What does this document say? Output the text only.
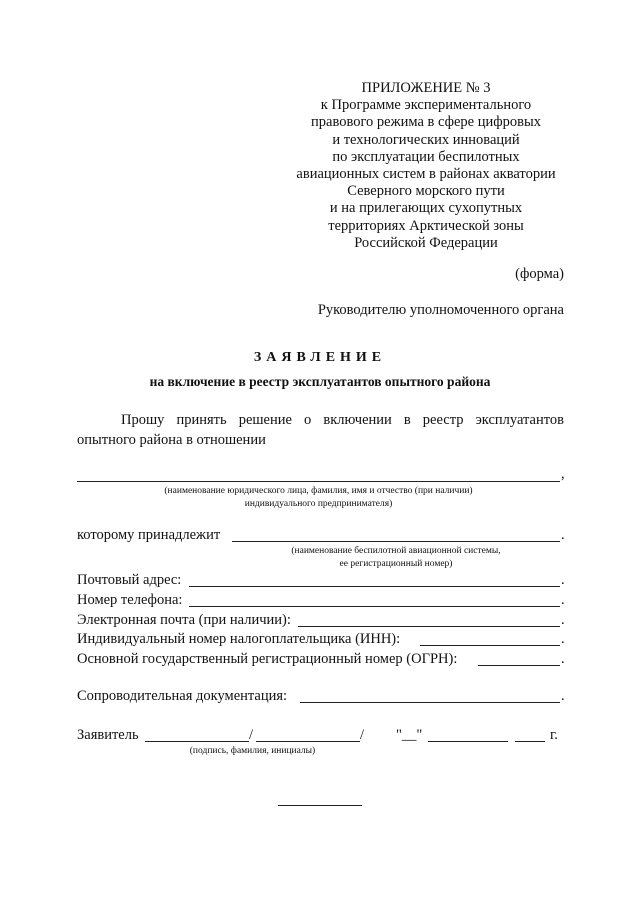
ПРИЛОЖЕНИЕ № 3
к Программе экспериментального
правового режима в сфере цифровых
и технологических инноваций
по эксплуатации беспилотных
авиационных систем в районах акватории
Северного морского пути
и на прилегающих сухопутных
территориях Арктической зоны
Российской Федерации
(форма)
Руководителю уполномоченного органа
ЗАЯВЛЕНИЕ
на включение в реестр эксплуатантов опытного района
Прошу принять решение о включении в реестр эксплуатантов опытного района в отношении
,
(наименование юридического лица, фамилия, имя и отчество (при наличии)
индивидуального предпринимателя)
которому принадлежит	.
(наименование беспилотной авиационной системы,
ее регистрационный номер)
Почтовый адрес:	.
Номер телефона:	.
Электронная почта (при наличии):	.
Индивидуальный номер налогоплательщика (ИНН):	.
Основной государственный регистрационный номер (ОГРН):	.
Сопроводительная документация:	.
Заявитель	/	/ "__"	г.
(подпись, фамилия, инициалы)
